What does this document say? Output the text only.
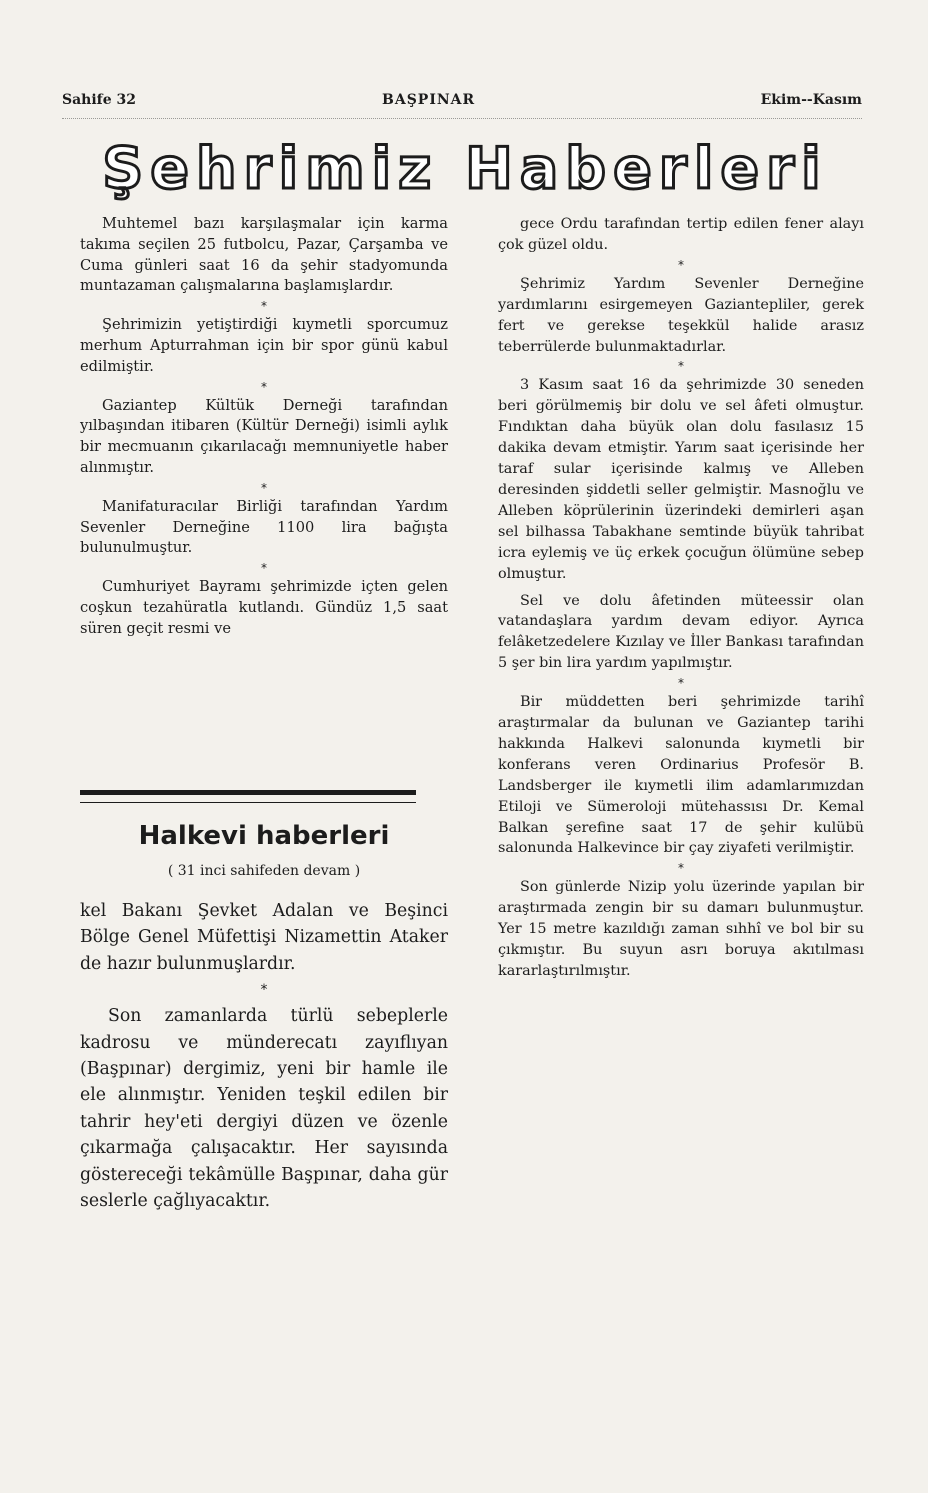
Sahife 32	BAŞPINAR	Ekim--Kasım
Şehrimiz Haberleri

Muhtemel bazı karşılaşmalar için karma takıma seçilen 25 futbolcu, Pazar, Çarşamba ve Cuma günleri saat 16 da şehir stadyomunda muntazaman çalışmalarına başlamışlardır.

*

Şehrimizin yetiştirdiği kıymetli sporcumuz merhum Apturrahman için bir spor günü kabul edilmiştir.

*

Gaziantep Kültük Derneği tarafından yılbaşından itibaren (Kültür Derneği) isimli aylık bir mecmuanın çıkarılacağı memnuniyetle haber alınmıştır.

*

Manifaturacılar Birliği tarafından Yardım Sevenler Derneğine 1100 lira bağışta bulunulmuştur.

*

Cumhuriyet Bayramı şehrimizde içten gelen coşkun tezahüratla kutlandı. Gündüz 1,5 saat süren geçit resmi ve

Halkevi haberleri
( 31 inci sahifeden devam )

kel Bakanı Şevket Adalan ve Beşinci Bölge Genel Müfettişi Nizamettin Ataker de hazır bulunmuşlardır.

*

Son zamanlarda türlü sebeplerle kadrosu ve münderecatı zayıflıyan (Başpınar) dergimiz, yeni bir hamle ile ele alınmıştır. Yeniden teşkil edilen bir tahrir hey'eti dergiyi düzen ve özenle çıkarmağa çalışacaktır. Her sayısında göstereceği tekâmülle Başpınar, daha gür seslerle çağlıyacaktır.

gece Ordu tarafından tertip edilen fener alayı çok güzel oldu.

*

Şehrimiz Yardım Sevenler Derneğine yardımlarını esirgemeyen Gaziantepliler, gerek fert ve gerekse teşekkül halide arasız teberrülerde bulunmaktadırlar.

*

3 Kasım saat 16 da şehrimizde 30 seneden beri görülmemiş bir dolu ve sel âfeti olmuştur. Fındıktan daha büyük olan dolu fasılasız 15 dakika devam etmiştir. Yarım saat içerisinde her taraf sular içerisinde kalmış ve Alleben deresinden şiddetli seller gelmiştir. Masnoğlu ve Alleben köprülerinin üzerindeki demirleri aşan sel bilhassa Tabakhane semtinde büyük tahribat icra eylemiş ve üç erkek çocuğun ölümüne sebep olmuştur.

Sel ve dolu âfetinden müteessir olan vatandaşlara yardım devam ediyor. Ayrıca felâketzedelere Kızılay ve İller Bankası tarafından 5 şer bin lira yardım yapılmıştır.

*

Bir müddetten beri şehrimizde tarihî araştırmalar da bulunan ve Gaziantep tarihi hakkında Halkevi salonunda kıymetli bir konferans veren Ordinarius Profesör B. Landsberger ile kıymetli ilim adamlarımızdan Etiloji ve Sümeroloji mütehassısı Dr. Kemal Balkan şerefine saat 17 de şehir kulübü salonunda Halkevince bir çay ziyafeti verilmiştir.

*

Son günlerde Nizip yolu üzerinde yapılan bir araştırmada zengin bir su damarı bulunmuştur. Yer 15 metre kazıldığı zaman sıhhî ve bol bir su çıkmıştır. Bu suyun asrı boruya akıtılması kararlaştırılmıştır.
